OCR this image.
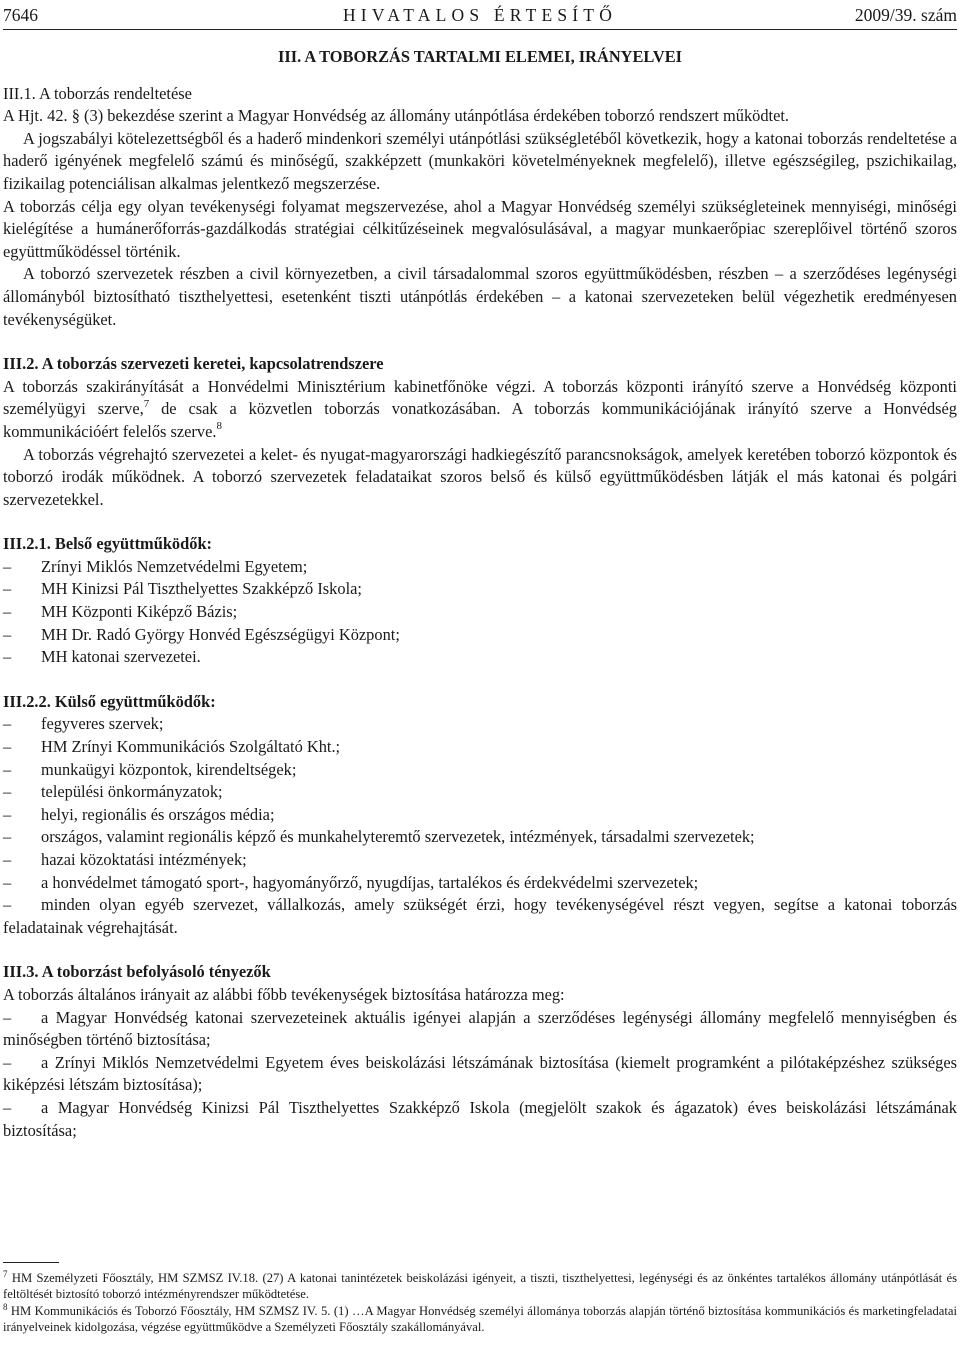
7646	HIVATALOS ÉRTESÍTŐ	2009/39. szám

III. A TOBORZÁS TARTALMI ELEMEI, IRÁNYELVEI

III.1. A toborzás rendeltetése

A Hjt. 42. § (3) bekezdése szerint a Magyar Honvédség az állomány utánpótlása érdekében toborzó rendszert működtet.

A jogszabályi kötelezettségből és a haderő mindenkori személyi utánpótlási szükségletéből következik, hogy a katonai toborzás rendeltetése a haderő igényének megfelelő számú és minőségű, szakképzett (munkaköri követelményeknek megfelelő), illetve egészségileg, pszichikailag, fizikailag potenciálisan alkalmas jelentkező megszerzése.

A toborzás célja egy olyan tevékenységi folyamat megszervezése, ahol a Magyar Honvédség személyi szükségleteinek mennyiségi, minőségi kielégítése a humánerőforrás-gazdálkodás stratégiai célkitűzéseinek megvalósulásával, a magyar munkaerőpiac szereplőivel történő szoros együttműködéssel történik.

A toborzó szervezetek részben a civil környezetben, a civil társadalommal szoros együttműködésben, részben – a szerződéses legénységi állományból biztosítható tiszthelyettesi, esetenként tiszti utánpótlás érdekében – a katonai szervezeteken belül végezhetik eredményesen tevékenységüket.

III.2. A toborzás szervezeti keretei, kapcsolatrendszere

A toborzás szakirányítását a Honvédelmi Minisztérium kabinetfőnöke végzi. A toborzás központi irányító szerve a Honvédség központi személyügyi szerve,$^7$ de csak a közvetlen toborzás vonatkozásában. A toborzás kommunikációjának irányító szerve a Honvédség kommunikációért felelős szerve.$^8$

A toborzás végrehajtó szervezetei a kelet- és nyugat-magyarországi hadkiegészítő parancsnokságok, amelyek keretében toborzó központok és toborzó irodák működnek. A toborzó szervezetek feladataikat szoros belső és külső együttműködésben látják el más katonai és polgári szervezetekkel.

III.2.1. Belső együttműködők:

– Zrínyi Miklós Nemzetvédelmi Egyetem;

– MH Kinizsi Pál Tiszthelyettes Szakképző Iskola;

– MH Központi Kiképző Bázis;

– MH Dr. Radó György Honvéd Egészségügyi Központ;

– MH katonai szervezetei.

III.2.2. Külső együttműködők:

– fegyveres szervek;

– HM Zrínyi Kommunikációs Szolgáltató Kht.;

– munkaügyi központok, kirendeltségek;

– települési önkormányzatok;

– helyi, regionális és országos média;

– országos, valamint regionális képző és munkahelyteremtő szervezetek, intézmények, társadalmi szervezetek;

– hazai közoktatási intézmények;

– a honvédelmet támogató sport-, hagyományőrző, nyugdíjas, tartalékos és érdekvédelmi szervezetek;

– minden olyan egyéb szervezet, vállalkozás, amely szükségét érzi, hogy tevékenységével részt vegyen, segítse a katonai toborzás feladatainak végrehajtását.

III.3. A toborzást befolyásoló tényezők

A toborzás általános irányait az alábbi főbb tevékenységek biztosítása határozza meg:

– a Magyar Honvédség katonai szervezeteinek aktuális igényei alapján a szerződéses legénységi állomány megfelelő mennyiségben és minőségben történő biztosítása;

– a Zrínyi Miklós Nemzetvédelmi Egyetem éves beiskolázási létszámának biztosítása (kiemelt programként a pilótaképzéshez szükséges kiképzési létszám biztosítása);

– a Magyar Honvédség Kinizsi Pál Tiszthelyettes Szakképző Iskola (megjelölt szakok és ágazatok) éves beiskolázási létszámának biztosítása;

$^7$ HM Személyzeti Főosztály, HM SZMSZ IV.18. (27) A katonai tanintézetek beiskolázási igényeit, a tiszti, tiszthelyettesi, legénységi és az önkéntes tartalékos állomány utánpótlását és feltöltését biztosító toborzó intézményrendszer működtetése.

$^8$ HM Kommunikációs és Toborzó Főosztály, HM SZMSZ IV. 5. (1) …A Magyar Honvédség személyi állománya toborzás alapján történő biztosítása kommunikációs és marketingfeladatai irányelveinek kidolgozása, végzése együttműködve a Személyzeti Főosztály szakállományával.
